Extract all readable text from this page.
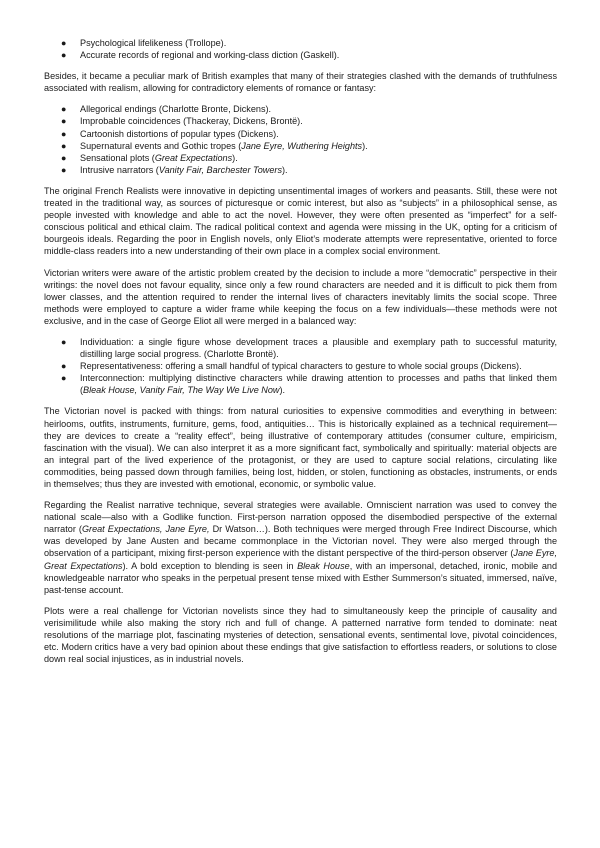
● Psychological lifelikeness (Trollope).
● Accurate records of regional and working-class diction (Gaskell).

Besides, it became a peculiar mark of British examples that many of their strategies clashed with the demands of truthfulness associated with realism, allowing for contradictory elements of romance or fantasy:

● Allegorical endings (Charlotte Bronte, Dickens).
● Improbable coincidences (Thackeray, Dickens, Brontë).
● Cartoonish distortions of popular types (Dickens).
● Supernatural events and Gothic tropes (Jane Eyre, Wuthering Heights).
● Sensational plots (Great Expectations).
● Intrusive narrators (Vanity Fair, Barchester Towers).

The original French Realists were innovative in depicting unsentimental images of workers and peasants. Still, these were not treated in the traditional way, as sources of picturesque or comic interest, but also as “subjects” in a philosophical sense, as people invested with knowledge and able to act the novel. However, they were often presented as “imperfect” for a self-conscious political and ethical claim. The radical political context and agenda were missing in the UK, opting for a criticism of bourgeois ideals. Regarding the poor in English novels, only Eliot’s moderate attempts were representative, oriented to force middle-class readers into a new understanding of their own place in a complex social environment.

Victorian writers were aware of the artistic problem created by the decision to include a more “democratic” perspective in their writings: the novel does not favour equality, since only a few round characters are needed and it is difficult to pick them from lower classes, and the attention required to render the internal lives of characters inevitably limits the social scope. Three methods were employed to capture a wider frame while keeping the focus on a few individuals—these methods were not exclusive, and in the case of George Eliot all were merged in a balanced way:

● Individuation: a single figure whose development traces a plausible and exemplary path to successful maturity, distilling large social progress. (Charlotte Brontë).

● Representativeness: offering a small handful of typical characters to gesture to whole social groups (Dickens).

● Interconnection: multiplying distinctive characters while drawing attention to processes and paths that linked them (Bleak House, Vanity Fair, The Way We Live Now).

The Victorian novel is packed with things: from natural curiosities to expensive commodities and everything in between: heirlooms, outfits, instruments, furniture, gems, food, antiquities… This is historically explained as a technical requirement—they are devices to create a “reality effect”, being illustrative of contemporary attitudes (consumer culture, empiricism, fascination with the visual). We can also interpret it as a more significant fact, symbolically and spiritually: material objects are an integral part of the lived experience of the protagonist, or they are used to capture social relations, circulating like commodities, being passed down through families, being lost, hidden, or stolen, functioning as obstacles, instruments, or ends in themselves; thus they are invested with emotional, economic, or symbolic value.

Regarding the Realist narrative technique, several strategies were available. Omniscient narration was used to convey the national scale—also with a Godlike function. First-person narration opposed the disembodied perspective of the external narrator (Great Expectations, Jane Eyre, Dr Watson…). Both techniques were merged through Free Indirect Discourse, which was developed by Jane Austen and became commonplace in the Victorian novel. They were also merged through the observation of a participant, mixing first-person experience with the distant perspective of the third-person observer (Jane Eyre, Great Expectations). A bold exception to blending is seen in Bleak House, with an impersonal, detached, ironic, mobile and knowledgeable narrator who speaks in the perpetual present tense mixed with Esther Summerson’s situated, immersed, naïve, past-tense account.

Plots were a real challenge for Victorian novelists since they had to simultaneously keep the principle of causality and verisimilitude while also making the story rich and full of change. A patterned narrative form tended to dominate: neat resolutions of the marriage plot, fascinating mysteries of detection, sensational events, sentimental love, pivotal coincidences, etc. Modern critics have a very bad opinion about these endings that give satisfaction to effortless readers, or solutions to close down real social injustices, as in industrial novels.
